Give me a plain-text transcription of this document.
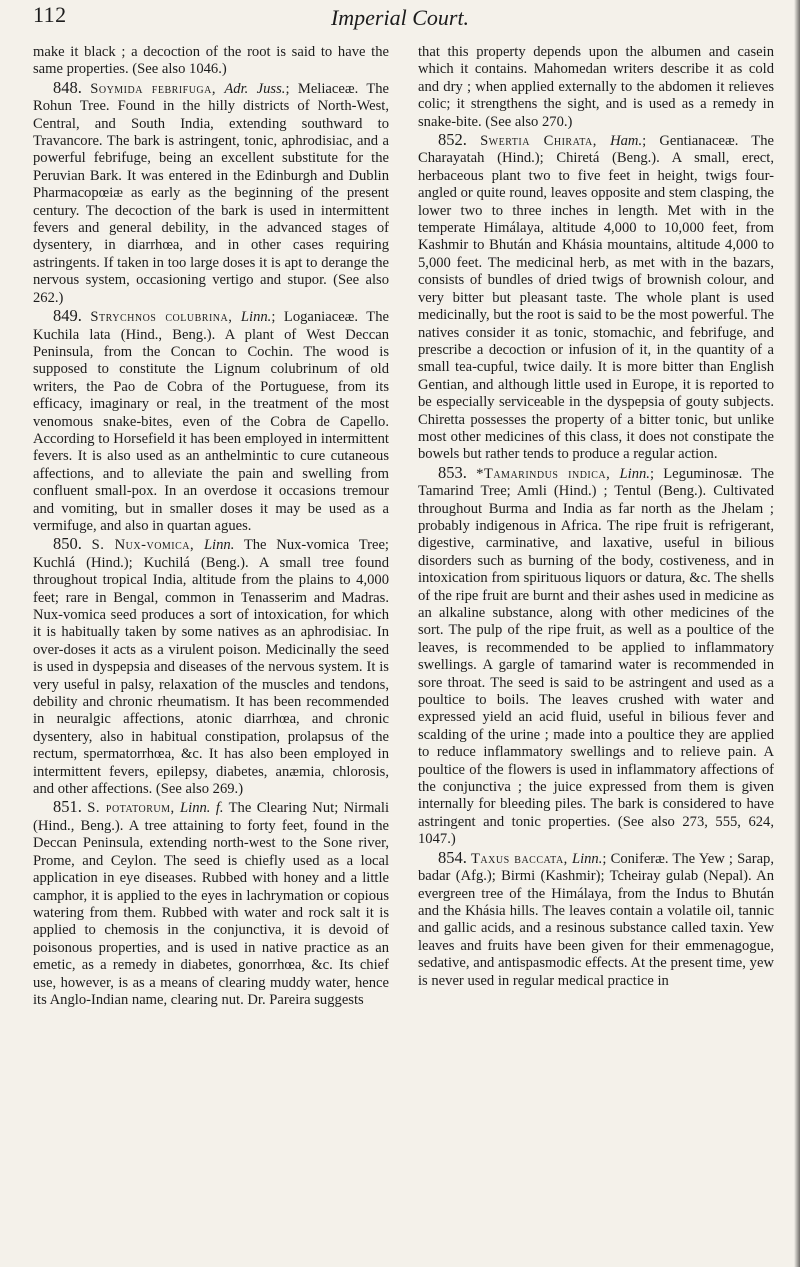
112	Imperial Court.

make it black ; a decoction of the root is said to have the same properties. (See also 1046.)

848. Soymida febrifuga, Adr. Juss.; Meliaceæ. The Rohun Tree. Found in the hilly districts of North-West, Central, and South India, extending southward to Travancore. The bark is astringent, tonic, aphrodisiac, and a powerful febrifuge, being an excellent substitute for the Peruvian Bark. It was entered in the Edinburgh and Dublin Pharmacopœiæ as early as the beginning of the present century. The decoction of the bark is used in intermittent fevers and general debility, in the advanced stages of dysentery, in diarrhœa, and in other cases requiring astringents. If taken in too large doses it is apt to derange the nervous system, occasioning vertigo and stupor. (See also 262.)

849. Strychnos colubrina, Linn.; Loganiaceæ. The Kuchila lata (Hind., Beng.). A plant of West Deccan Peninsula, from the Concan to Cochin. The wood is supposed to constitute the Lignum colubrinum of old writers, the Pao de Cobra of the Portuguese, from its efficacy, imaginary or real, in the treatment of the most venomous snake-bites, even of the Cobra de Capello. According to Horsefield it has been employed in intermittent fevers. It is also used as an anthelmintic to cure cutaneous affections, and to alleviate the pain and swelling from confluent small-pox. In an overdose it occasions tremour and vomiting, but in smaller doses it may be used as a vermifuge, and also in quartan agues.

850. S. Nux-vomica, Linn. The Nux-vomica Tree; Kuchlá (Hind.); Kuchilá (Beng.). A small tree found throughout tropical India, altitude from the plains to 4,000 feet; rare in Bengal, common in Tenasserim and Madras. Nux-vomica seed produces a sort of intoxication, for which it is habitually taken by some natives as an aphrodisiac. In over-doses it acts as a virulent poison. Medicinally the seed is used in dyspepsia and diseases of the nervous system. It is very useful in palsy, relaxation of the muscles and tendons, debility and chronic rheumatism. It has been recommended in neuralgic affections, atonic diarrhœa, and chronic dysentery, also in habitual constipation, prolapsus of the rectum, spermatorrhœa, &c. It has also been employed in intermittent fevers, epilepsy, diabetes, anæmia, chlorosis, and other affections. (See also 269.)

851. S. potatorum, Linn. f. The Clearing Nut; Nirmali (Hind., Beng.). A tree attaining to forty feet, found in the Deccan Peninsula, extending north-west to the Sone river, Prome, and Ceylon. The seed is chiefly used as a local application in eye diseases. Rubbed with honey and a little camphor, it is applied to the eyes in lachrymation or copious watering from them. Rubbed with water and rock salt it is applied to chemosis in the conjunctiva, it is devoid of poisonous properties, and is used in native practice as an emetic, as a remedy in diabetes, gonorrhœa, &c. Its chief use, however, is as a means of clearing muddy water, hence its Anglo-Indian name, clearing nut. Dr. Pareira suggests

that this property depends upon the albumen and casein which it contains. Mahomedan writers describe it as cold and dry ; when applied externally to the abdomen it relieves colic; it strengthens the sight, and is used as a remedy in snake-bite. (See also 270.)

852. Swertia Chirata, Ham.; Gentianaceæ. The Charayatah (Hind.); Chiretá (Beng.). A small, erect, herbaceous plant two to five feet in height, twigs four-angled or quite round, leaves opposite and stem clasping, the lower two to three inches in length. Met with in the temperate Himálaya, altitude 4,000 to 10,000 feet, from Kashmir to Bhután and Khásia mountains, altitude 4,000 to 5,000 feet. The medicinal herb, as met with in the bazars, consists of bundles of dried twigs of brownish colour, and very bitter but pleasant taste. The whole plant is used medicinally, but the root is said to be the most powerful. The natives consider it as tonic, stomachic, and febrifuge, and prescribe a decoction or infusion of it, in the quantity of a small tea-cupful, twice daily. It is more bitter than English Gentian, and although little used in Europe, it is reported to be especially serviceable in the dyspepsia of gouty subjects. Chiretta possesses the property of a bitter tonic, but unlike most other medicines of this class, it does not constipate the bowels but rather tends to produce a regular action.

853. *Tamarindus indica, Linn.; Leguminosæ. The Tamarind Tree; Amli (Hind.) ; Tentul (Beng.). Cultivated throughout Burma and India as far north as the Jhelam ; probably indigenous in Africa. The ripe fruit is refrigerant, digestive, carminative, and laxative, useful in bilious disorders such as burning of the body, costiveness, and in intoxication from spirituous liquors or datura, &c. The shells of the ripe fruit are burnt and their ashes used in medicine as an alkaline substance, along with other medicines of the sort. The pulp of the ripe fruit, as well as a poultice of the leaves, is recommended to be applied to inflammatory swellings. A gargle of tamarind water is recommended in sore throat. The seed is said to be astringent and used as a poultice to boils. The leaves crushed with water and expressed yield an acid fluid, useful in bilious fever and scalding of the urine ; made into a poultice they are applied to reduce inflammatory swellings and to relieve pain. A poultice of the flowers is used in inflammatory affections of the conjunctiva ; the juice expressed from them is given internally for bleeding piles. The bark is considered to have astringent and tonic properties. (See also 273, 555, 624, 1047.)

854. Taxus baccata, Linn.; Coniferæ. The Yew ; Sarap, badar (Afg.); Birmi (Kashmir); Tcheiray gulab (Nepal). An evergreen tree of the Himálaya, from the Indus to Bhután and the Khásia hills. The leaves contain a volatile oil, tannic and gallic acids, and a resinous substance called taxin. Yew leaves and fruits have been given for their emmenagogue, sedative, and antispasmodic effects. At the present time, yew is never used in regular medical practice in
